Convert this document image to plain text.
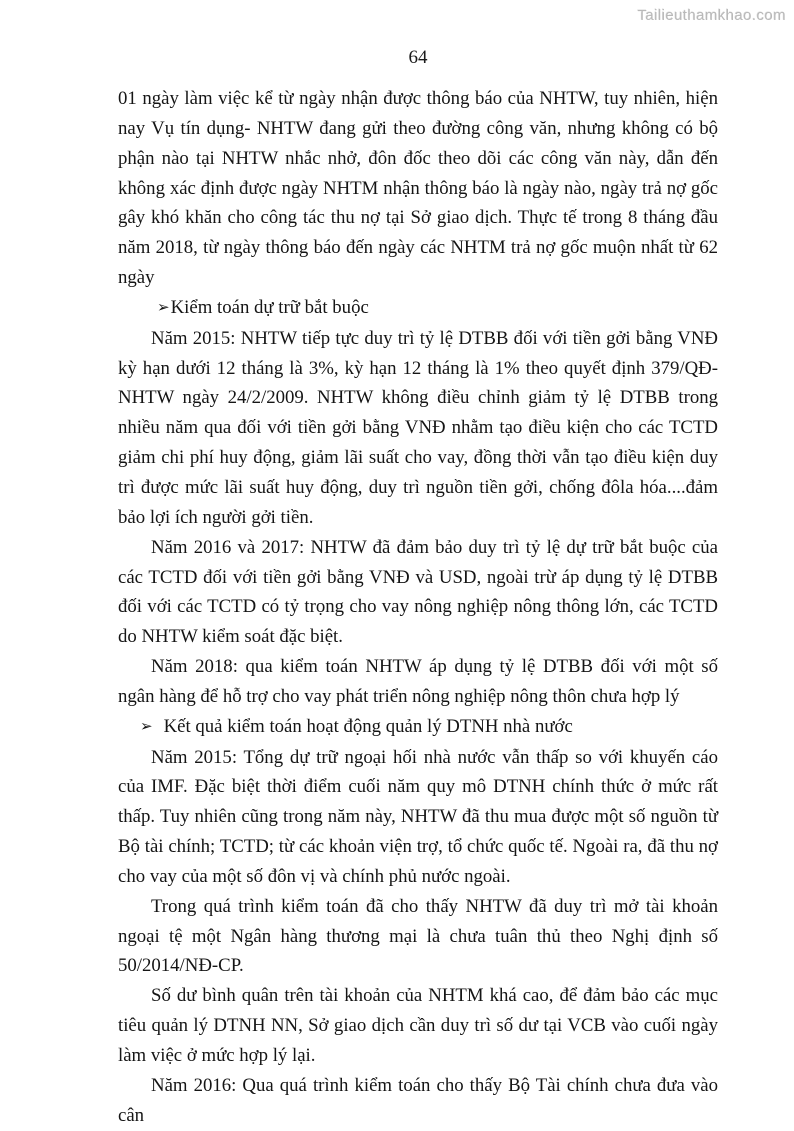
Tailieuthamkhao.com
64

01 ngày làm việc kể từ ngày nhận được thông báo của NHTW, tuy nhiên, hiện nay Vụ tín dụng- NHTW đang gửi theo đường công văn, nhưng không có bộ phận nào tại NHTW nhắc nhở, đôn đốc theo dõi các công văn này, dẫn đến không xác định được ngày NHTM nhận thông báo là ngày nào, ngày trả nợ gốc gây khó khăn cho công tác thu nợ tại Sở giao dịch. Thực tế trong 8 tháng đầu năm 2018, từ ngày thông báo đến ngày các NHTM trả nợ gốc muộn nhất từ 62 ngày

➢Kiểm toán dự trữ bắt buộc

Năm 2015: NHTW tiếp tực duy trì tỷ lệ DTBB đối với tiền gởi bằng VNĐ kỳ hạn dưới 12 tháng là 3%, kỳ hạn 12 tháng là 1% theo quyết định 379/QĐ-NHTW ngày 24/2/2009. NHTW không điều chỉnh giảm tỷ lệ DTBB trong nhiều năm qua đối với tiền gởi bằng VNĐ nhằm tạo điều kiện cho các TCTD giảm chi phí huy động, giảm lãi suất cho vay, đồng thời vẫn tạo điều kiện duy trì được mức lãi suất huy động, duy trì nguồn tiền gởi, chống đôla hóa....đảm bảo lợi ích người gởi tiền.

Năm 2016 và 2017: NHTW đã đảm bảo duy trì tỷ lệ dự trữ bắt buộc của các TCTD đối với tiền gởi bằng VNĐ và USD, ngoài trừ áp dụng tỷ lệ DTBB đối với các TCTD có tỷ trọng cho vay nông nghiệp nông thông lớn, các TCTD do NHTW kiểm soát đặc biệt.

Năm 2018: qua kiểm toán NHTW áp dụng tỷ lệ DTBB đối với một số ngân hàng để hỗ trợ cho vay phát triển nông nghiệp nông thôn chưa hợp lý

➢ Kết quả kiểm toán hoạt động quản lý DTNH nhà nước

Năm 2015: Tổng dự trữ ngoại hối nhà nước vẫn thấp so với khuyến cáo của IMF. Đặc biệt thời điểm cuối năm quy mô DTNH chính thức ở mức rất thấp. Tuy nhiên cũng trong năm này, NHTW đã thu mua được một số nguồn từ Bộ tài chính; TCTD; từ các khoản viện trợ, tổ chức quốc tế. Ngoài ra, đã thu nợ cho vay của một số đôn vị và chính phủ nước ngoài.

Trong quá trình kiểm toán đã cho thấy NHTW đã duy trì mở tài khoản ngoại tệ một Ngân hàng thương mại là chưa tuân thủ theo Nghị định số 50/2014/NĐ-CP.

Số dư bình quân trên tài khoản của NHTM khá cao, để đảm bảo các mục tiêu quản lý DTNH NN, Sở giao dịch cần duy trì số dư tại VCB vào cuối ngày làm việc ở mức hợp lý lại.

Năm 2016: Qua quá trình kiểm toán cho thấy Bộ Tài chính chưa đưa vào cân
